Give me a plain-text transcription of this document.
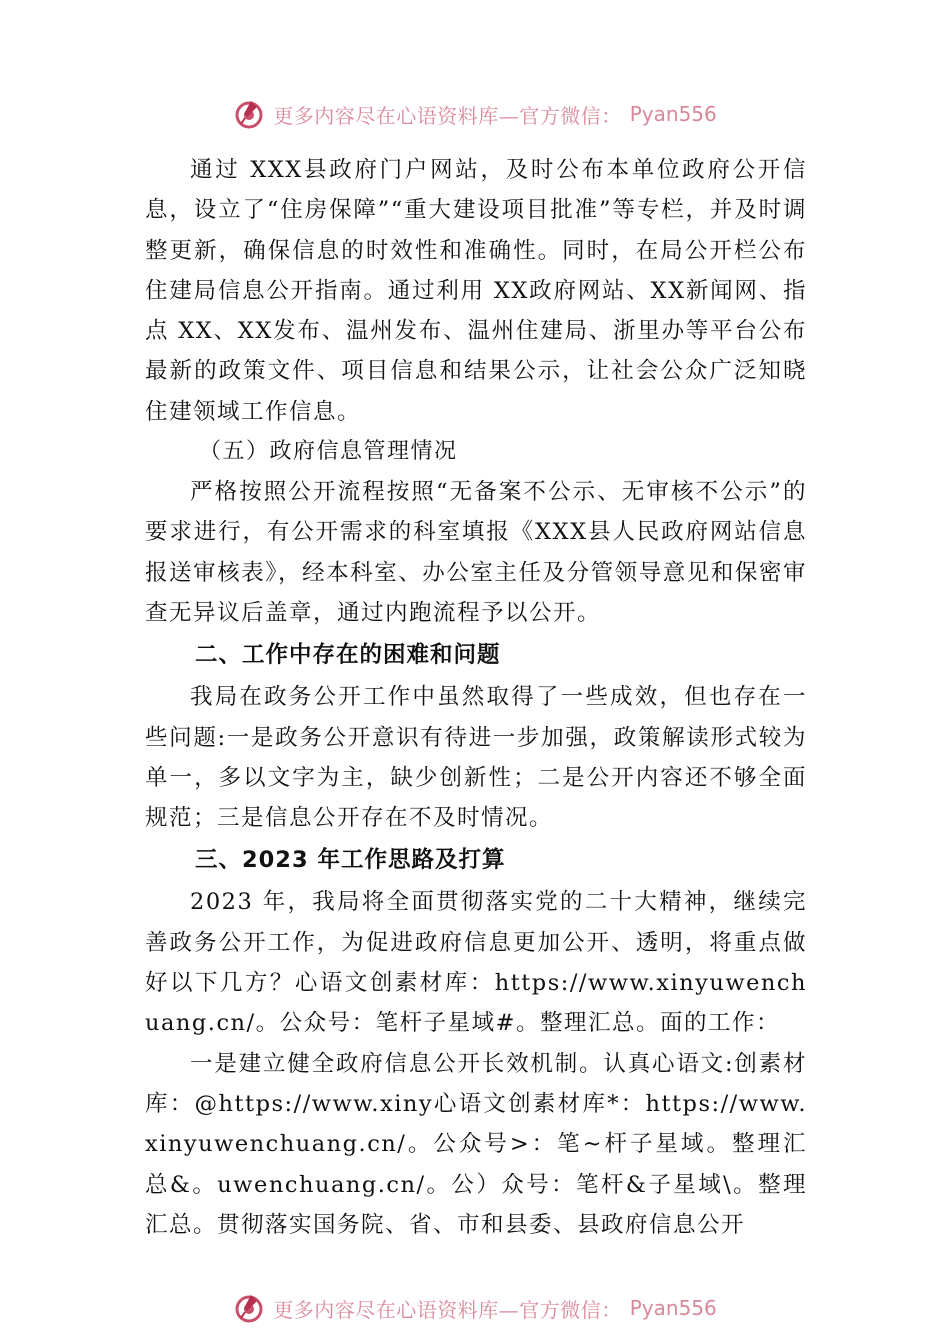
更多内容尽在心语资料库—官方微信： Pyan556

通过 XXX县政府门户网站，及时公布本单位政府公开信息，设立了“住房保障”“重大建设项目批准”等专栏，并及时调整更新，确保信息的时效性和准确性。同时，在局公开栏公布住建局信息公开指南。通过利用 XX政府网站、XX新闻网、指点 XX、XX发布、温州发布、温州住建局、浙里办等平台公布最新的政策文件、项目信息和结果公示，让社会公众广泛知晓住建领域工作信息。

（五）政府信息管理情况

严格按照公开流程按照“无备案不公示、无审核不公示”的要求进行，有公开需求的科室填报《XXX县人民政府网站信息报送审核表》，经本科室、办公室主任及分管领导意见和保密审查无异议后盖章，通过内跑流程予以公开。

二、工作中存在的困难和问题

我局在政务公开工作中虽然取得了一些成效，但也存在一些问题:一是政务公开意识有待进一步加强，政策解读形式较为单一，多以文字为主，缺少创新性；二是公开内容还不够全面规范；三是信息公开存在不及时情况。

三、2023 年工作思路及打算

2023 年，我局将全面贯彻落实党的二十大精神，继续完善政务公开工作，为促进政府信息更加公开、透明，将重点做好以下几方？心语文创素材库：https://www.xinyuwenchuang.cn/。公众号：笔杆子星域#。整理汇总。面的工作：

一是建立健全政府信息公开长效机制。认真心语文:创素材库：@https://www.xiny心语文创素材库*：https://www.xinyuwenchuang.cn/。公众号>：笔~杆子星域。整理汇总&。uwenchuang.cn/。公）众号：笔杆&子星域\。整理汇总。贯彻落实国务院、省、市和县委、县政府信息公开

更多内容尽在心语资料库—官方微信： Pyan556
